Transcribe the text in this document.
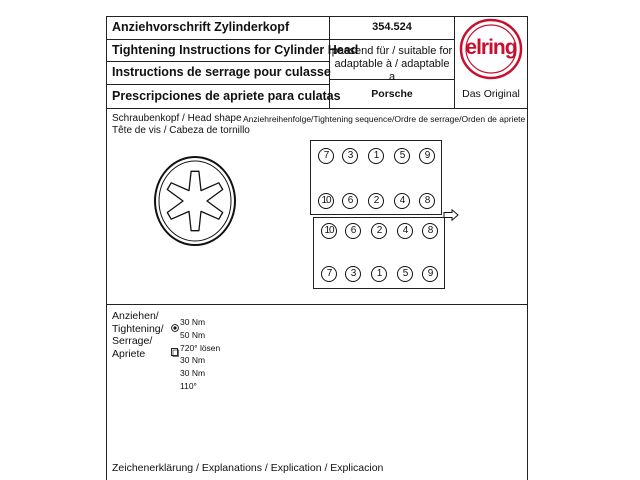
Anziehvorschrift Zylinderkopf
Tightening Instructions for Cylinder Head
Instructions de serrage pour culasse
Prescripciones de apriete para culatas
354.524
passend für / suitable for
adaptable à / adaptable a
Porsche
elring
Das Original
Schraubenkopf / Head shape
Tête de vis / Cabeza de tornillo
Anziehreihenfolge/Tightening sequence/Ordre de serrage/Orden de apriete
7	3	1	5	9
10	6	2	4	8
10	6	2	4	8
7	3	1	5	9
Anziehen/
Tightening/
Serrage/
Apriete
30 Nm
50 Nm
720° lösen
30 Nm
30 Nm
110°
Zeichenerklärung / Explanations / Explication / Explicacion
